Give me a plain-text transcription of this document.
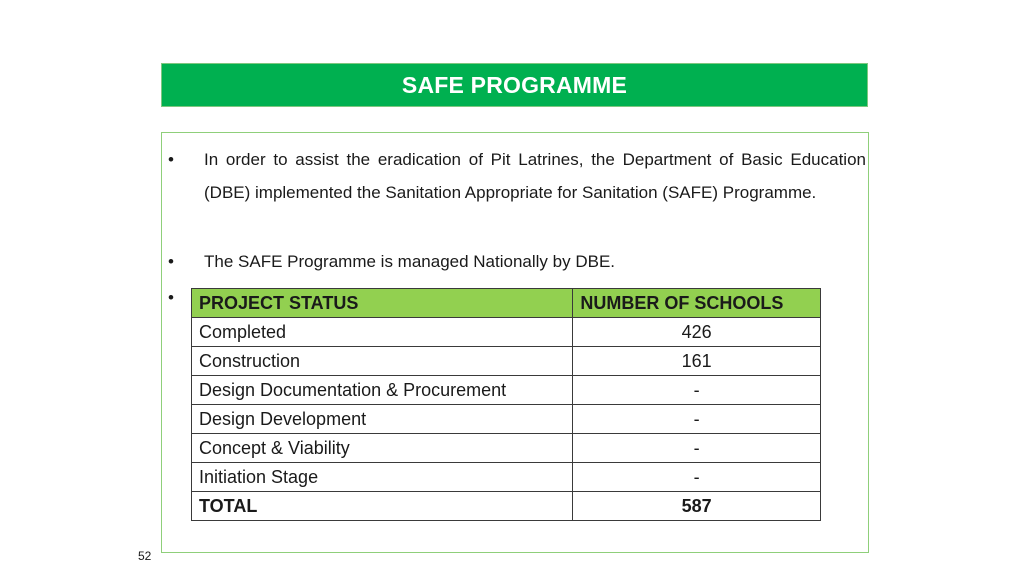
SAFE PROGRAMME
•	In order to assist the eradication of Pit Latrines, the Department of Basic Education (DBE) implemented the Sanitation Appropriate for Sanitation (SAFE) Programme.
•	The SAFE Programme is managed Nationally by DBE.
•	PROJECT STATUS	NUMBER OF SCHOOLS
Completed	426
Construction	161
Design Documentation & Procurement	-
Design Development	-
Concept & Viability	-
Initiation Stage	-
TOTAL	587
52
